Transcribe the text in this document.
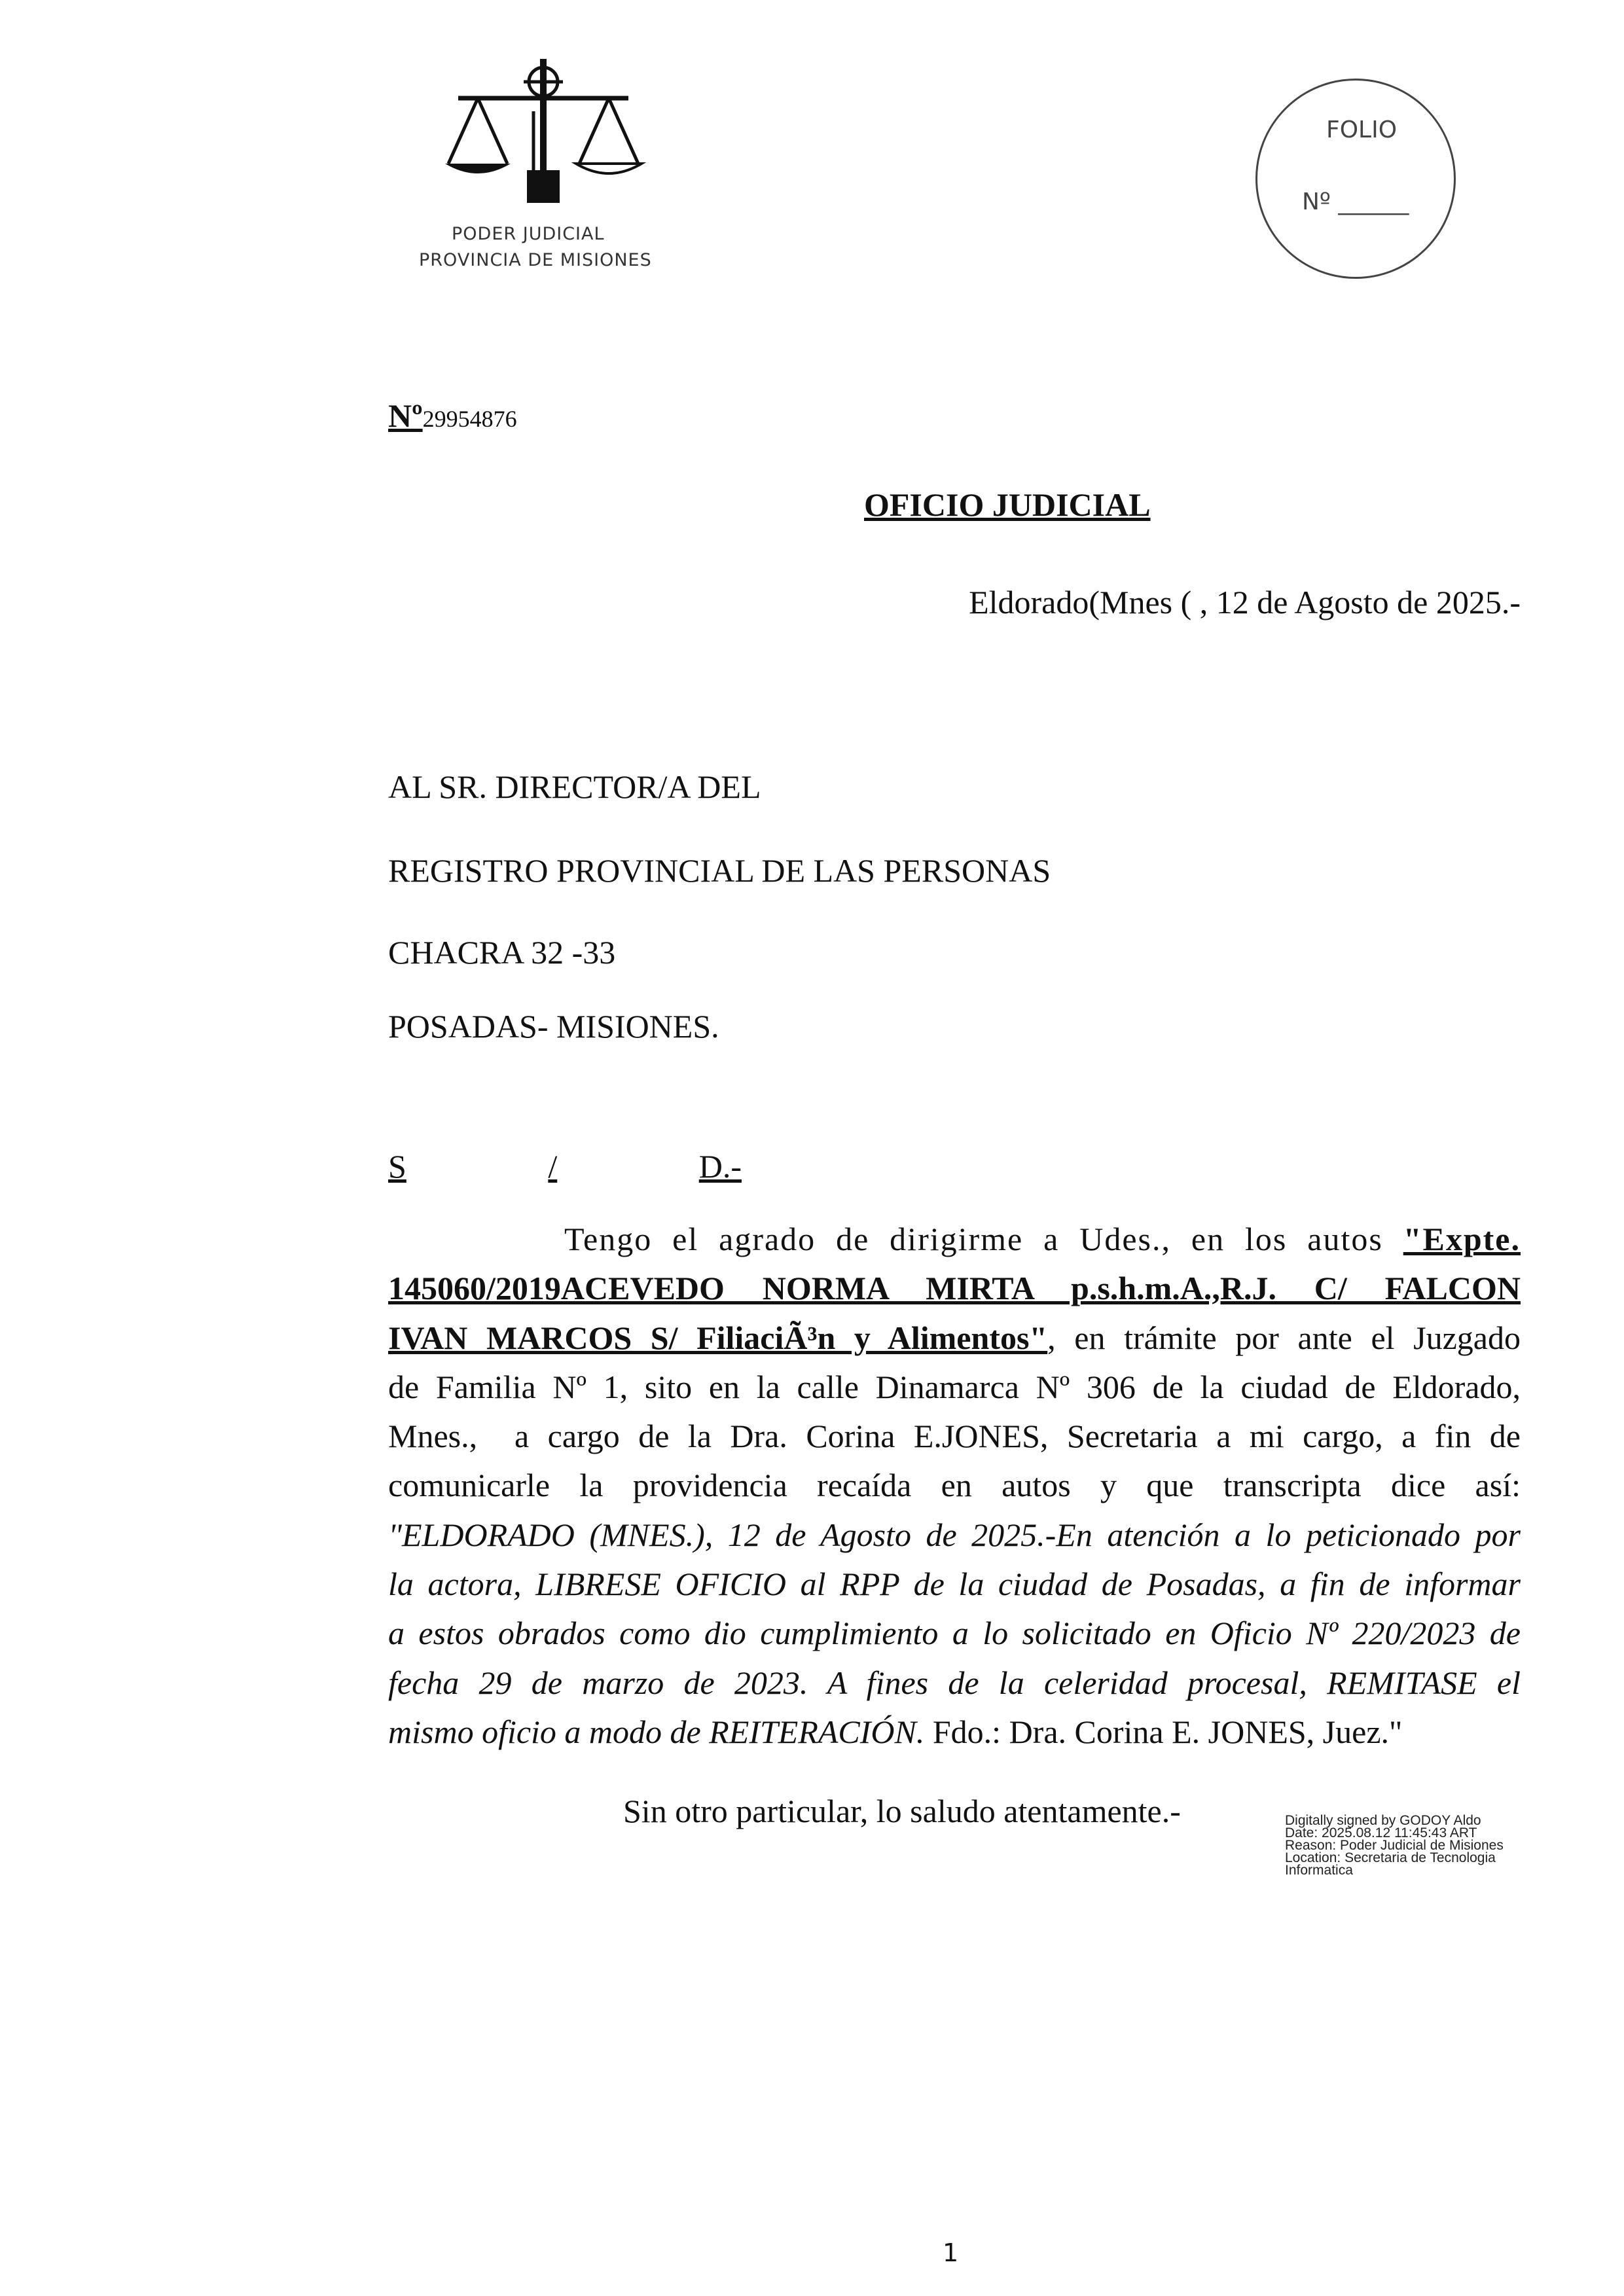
PODER JUDICIAL
PROVINCIA DE MISIONES
FOLIO
Nº ______
Nº29954876
OFICIO JUDICIAL
Eldorado(Mnes ( , 12 de Agosto de 2025.-
AL SR. DIRECTOR/A DEL
REGISTRO PROVINCIAL DE LAS PERSONAS
CHACRA 32 -33
POSADAS- MISIONES.
S	/	D.-
Tengo el agrado de dirigirme a Udes., en los autos "Expte.
145060/2019ACEVEDO NORMA MIRTA p.s.h.m.A.,R.J. C/ FALCON
IVAN MARCOS S/ FiliaciÃ³n y Alimentos", en trámite por ante el Juzgado
de Familia Nº 1, sito en la calle Dinamarca Nº 306 de la ciudad de Eldorado,
Mnes.,  a cargo de la Dra. Corina E.JONES, Secretaria a mi cargo, a fin de
comunicarle la providencia recaída en autos y que transcripta dice así:
"ELDORADO (MNES.), 12 de Agosto de 2025.-En atención a lo peticionado por
la actora, LIBRESE OFICIO al RPP de la ciudad de Posadas, a fin de informar
a estos obrados como dio cumplimiento a lo solicitado en Oficio Nº 220/2023 de
fecha 29 de marzo de 2023. A fines de la celeridad procesal, REMITASE el
mismo oficio a modo de REITERACIÓN. Fdo.: Dra. Corina E. JONES, Juez."
Sin otro particular, lo saludo atentamente.-	Digitally signed by GODOY Aldo
Date: 2025.08.12 11:45:43 ART
Reason: Poder Judicial de Misiones
Location: Secretaria de Tecnologia
Informatica
1
